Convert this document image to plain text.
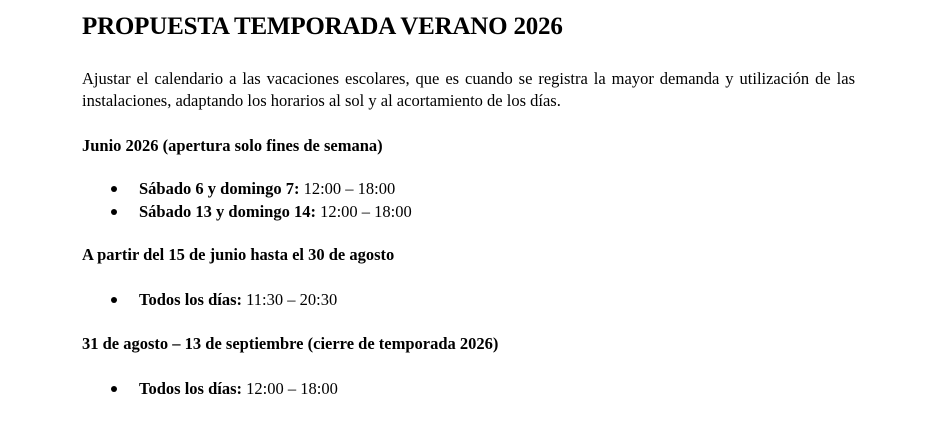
PROPUESTA TEMPORADA VERANO 2026

Ajustar el calendario a las vacaciones escolares, que es cuando se registra la mayor demanda y utilización de las instalaciones, adaptando los horarios al sol y al acortamiento de los días.

Junio 2026 (apertura solo fines de semana)

Sábado 6 y domingo 7: 12:00 – 18:00
Sábado 13 y domingo 14: 12:00 – 18:00

A partir del 15 de junio hasta el 30 de agosto

Todos los días: 11:30 – 20:30

31 de agosto – 13 de septiembre (cierre de temporada 2026)

Todos los días: 12:00 – 18:00
